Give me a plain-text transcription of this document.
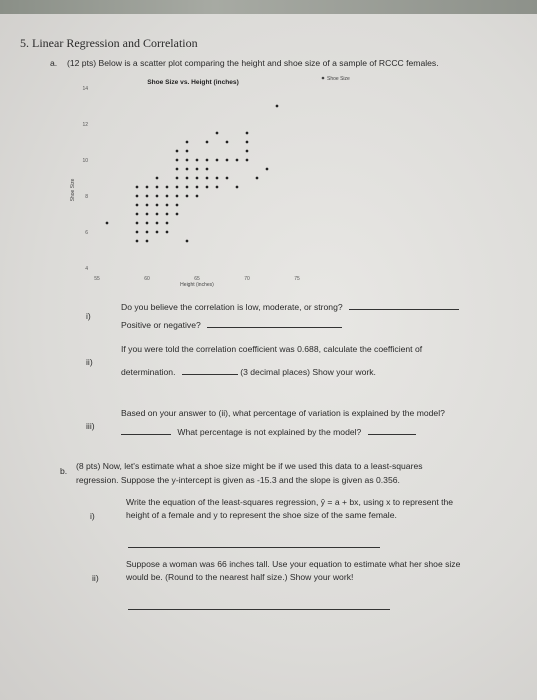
5. Linear Regression and Correlation
a. (12 pts) Below is a scatter plot comparing the height and shoe size of a sample of RCCC females.
Shoe Size vs. Height (inches)	Shoe Size
Shoe Size
Height (inches)
4
6
8
10
12
14
55	60	65	70	75
i)
Do you believe the correlation is low, moderate, or strong?
Positive or negative?
ii)
If you were told the correlation coefficient was 0.688, calculate the coefficient of
determination.	(3 decimal places) Show your work.
iii)
Based on your answer to (ii), what percentage of variation is explained by the model?
What percentage is not explained by the model?
b. (8 pts) Now, let's estimate what a shoe size might be if we used this data to a least-squares
regression. Suppose the y-intercept is given as -15.3 and the slope is given as 0.356.
i)
Write the equation of the least-squares regression, ŷ = a + bx, using x to represent the
height of a female and y to represent the shoe size of the same female.
ii)
Suppose a woman was 66 inches tall. Use your equation to estimate what her shoe size
would be. (Round to the nearest half size.) Show your work!
